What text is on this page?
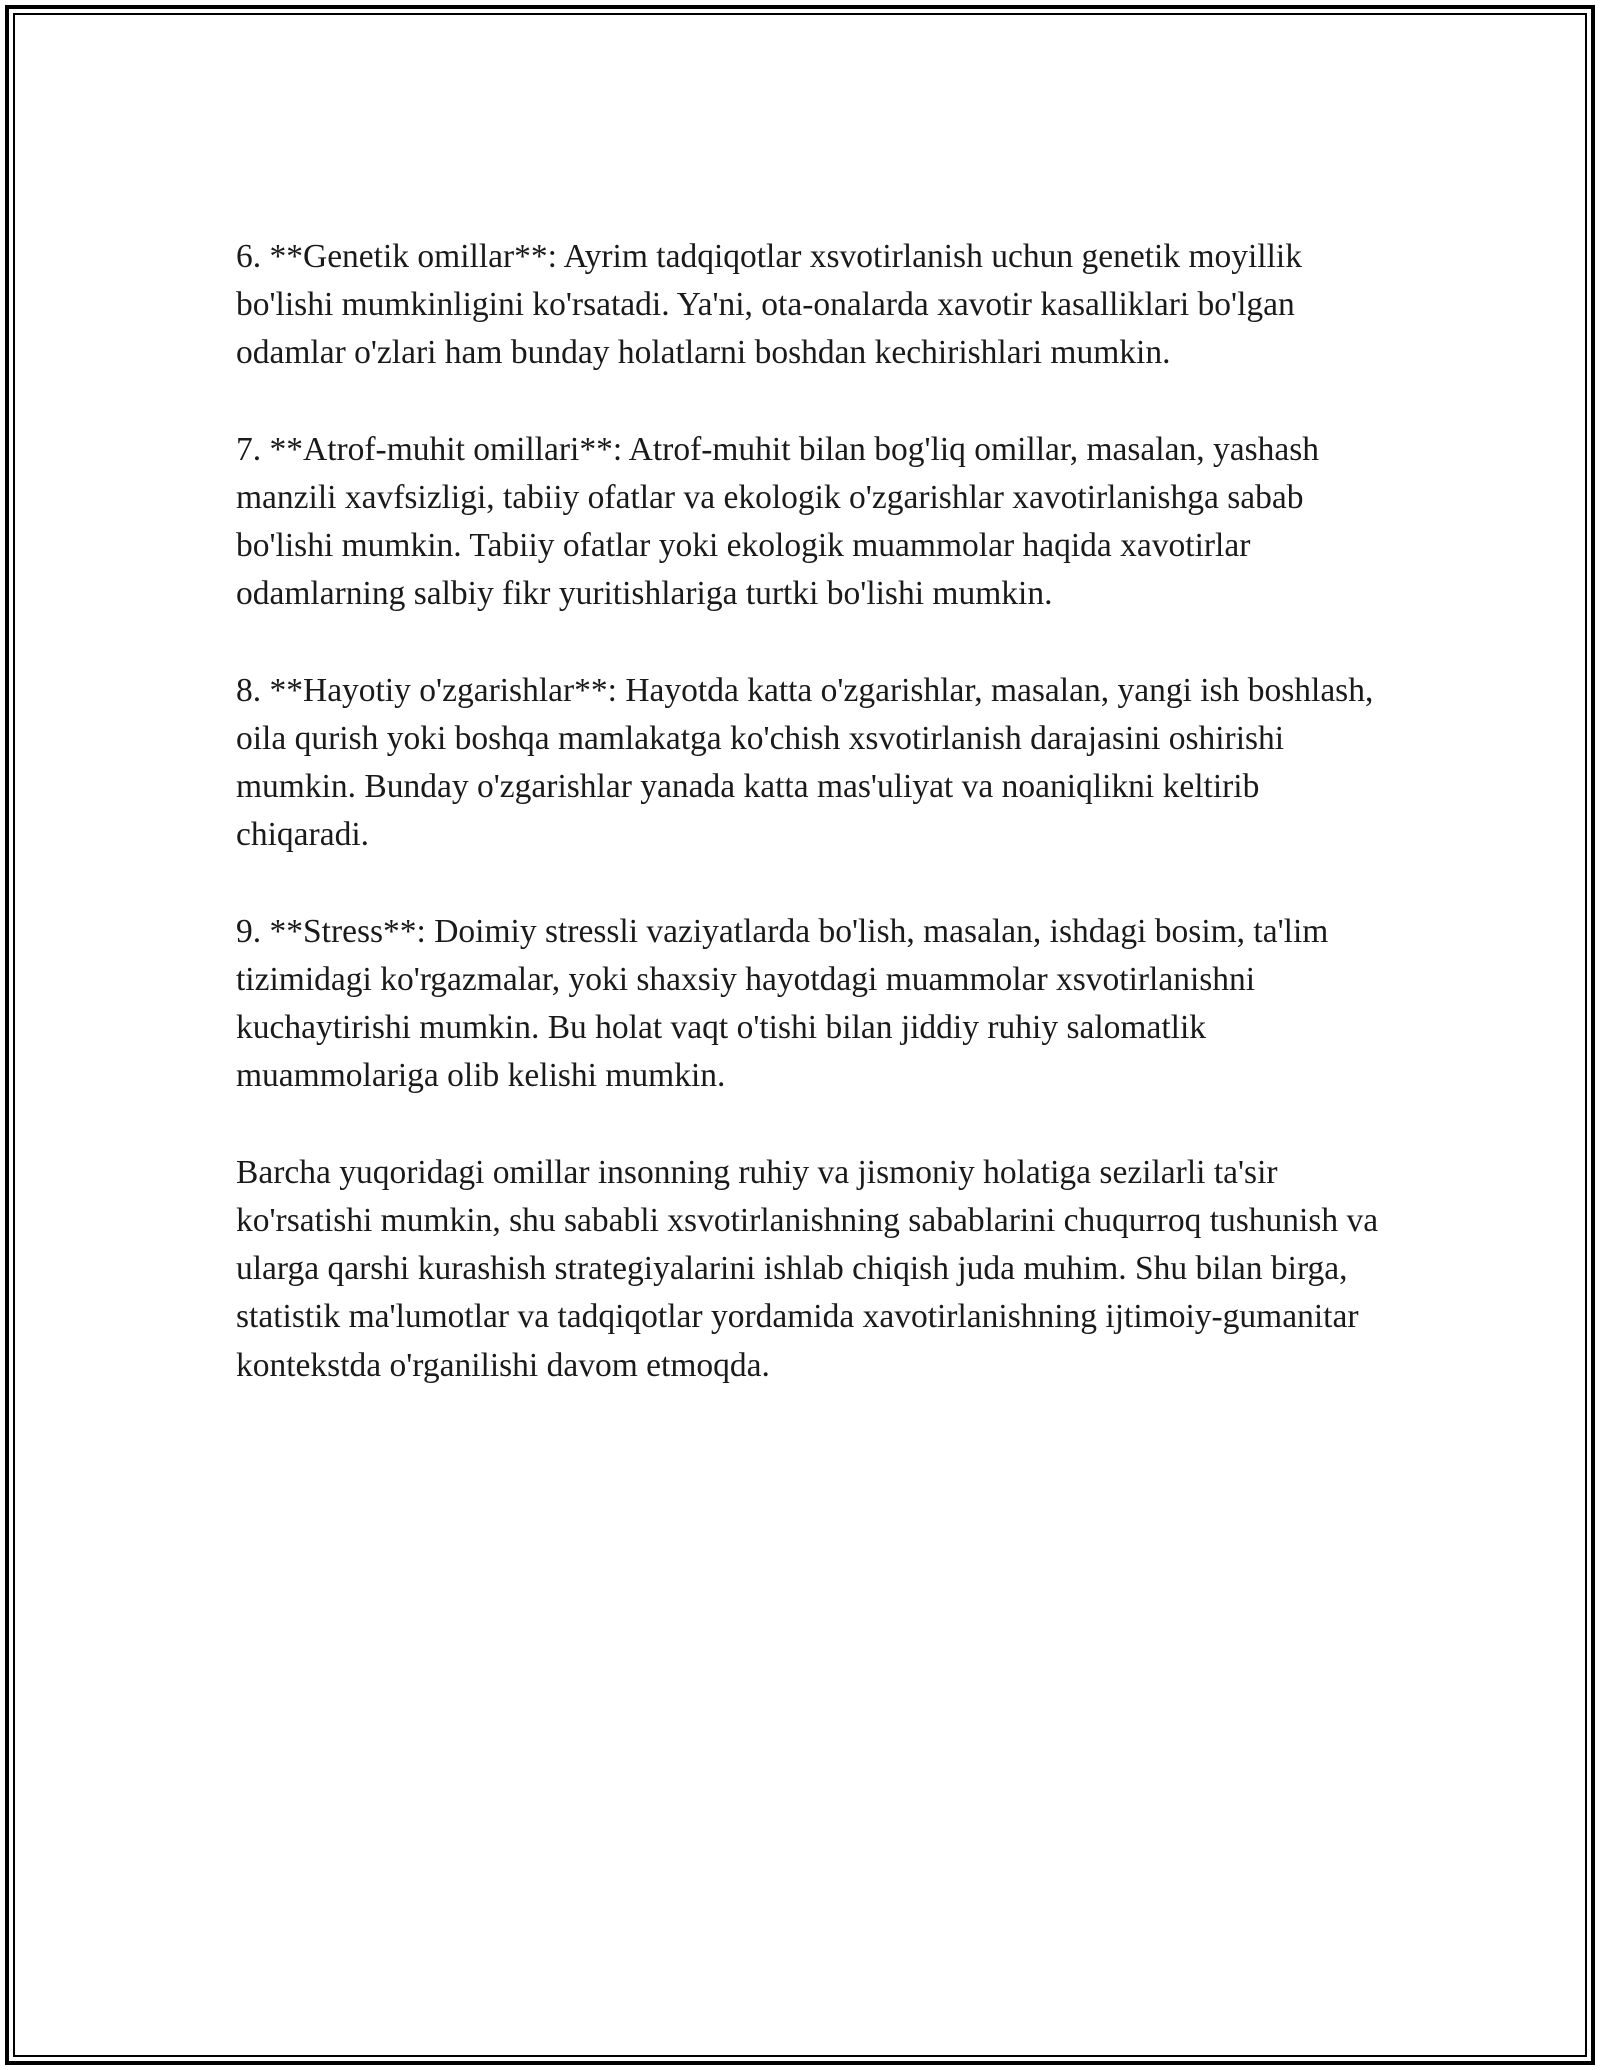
6. **Genetik omillar**: Ayrim tadqiqotlar xsvotirlanish uchun genetik moyillik bo'lishi mumkinligini ko'rsatadi. Ya'ni, ota-onalarda xavotir kasalliklari bo'lgan odamlar o'zlari ham bunday holatlarni boshdan kechirishlari mumkin.

7. **Atrof-muhit omillari**: Atrof-muhit bilan bog'liq omillar, masalan, yashash manzili xavfsizligi, tabiiy ofatlar va ekologik o'zgarishlar xavotirlanishga sabab bo'lishi mumkin. Tabiiy ofatlar yoki ekologik muammolar haqida xavotirlar odamlarning salbiy fikr yuritishlariga turtki bo'lishi mumkin.

8. **Hayotiy o'zgarishlar**: Hayotda katta o'zgarishlar, masalan, yangi ish boshlash, oila qurish yoki boshqa mamlakatga ko'chish xsvotirlanish darajasini oshirishi mumkin. Bunday o'zgarishlar yanada katta mas'uliyat va noaniqlikni keltirib chiqaradi.

9. **Stress**: Doimiy stressli vaziyatlarda bo'lish, masalan, ishdagi bosim, ta'lim tizimidagi ko'rgazmalar, yoki shaxsiy hayotdagi muammolar xsvotirlanishni kuchaytirishi mumkin. Bu holat vaqt o'tishi bilan jiddiy ruhiy salomatlik muammolariga olib kelishi mumkin.

Barcha yuqoridagi omillar insonning ruhiy va jismoniy holatiga sezilarli ta'sir ko'rsatishi mumkin, shu sababli xsvotirlanishning sabablarini chuqurroq tushunish va ularga qarshi kurashish strategiyalarini ishlab chiqish juda muhim. Shu bilan birga, statistik ma'lumotlar va tadqiqotlar yordamida xavotirlanishning ijtimoiy-gumanitar kontekstda o'rganilishi davom etmoqda.
